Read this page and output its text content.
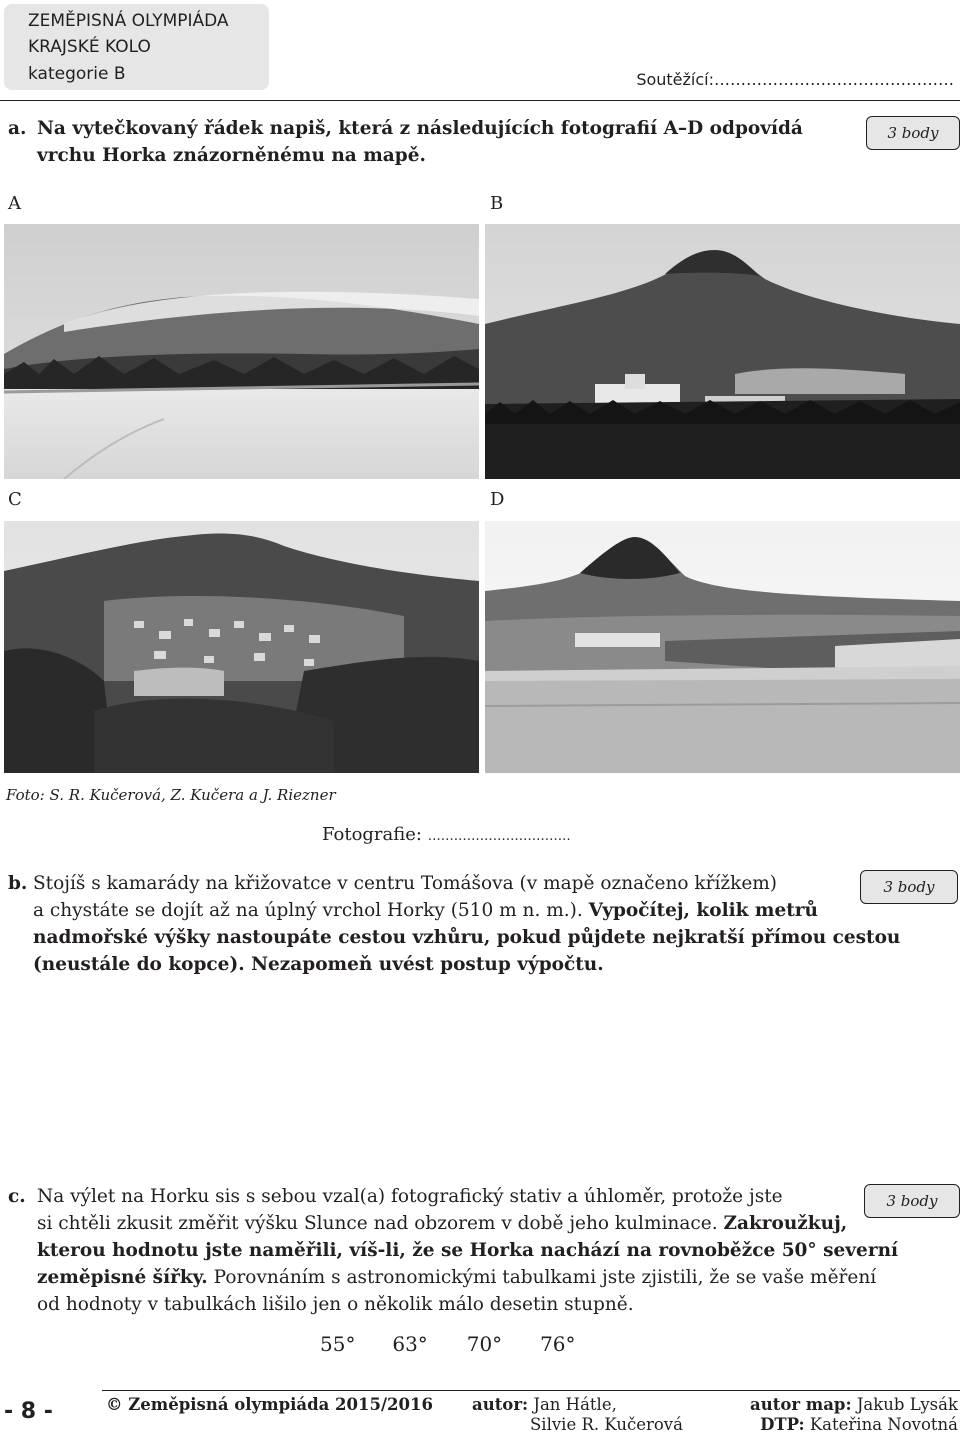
ZEMĚPISNÁ OLYMPIÁDA
KRAJSKÉ KOLO
kategorie B	Soutěžící:………………………………………
a. Na vytečkovaný řádek napiš, která z následujících fotografií A–D odpovídá
vrchu Horka znázorněnému na mapě.
3 body
A	B
C	D
Foto: S. R. Kučerová, Z. Kučera a J. Riezner
Fotografie: ……………………………
b. Stojíš s kamarády na křižovatce v centru Tomášova (v mapě označeno křížkem)
a chystáte se dojít až na úplný vrchol Horky (510 m n. m.). Vypočítej, kolik metrů
nadmořské výšky nastoupáte cestou vzhůru, pokud půjdete nejkratší přímou cestou
(neustále do kopce). Nezapomeň uvést postup výpočtu.
3 body
c. Na výlet na Horku sis s sebou vzal(a) fotografický stativ a úhloměr, protože jste
si chtěli zkusit změřit výšku Slunce nad obzorem v době jeho kulminace. Zakroužkuj,
kterou hodnotu jste naměřili, víš-li, že se Horka nachází na rovnoběžce 50° severní
zeměpisné šířky. Porovnáním s astronomickými tabulkami jste zjistili, že se vaše měření
od hodnoty v tabulkách lišilo jen o několik málo desetin stupně.
3 body
55° 63° 70° 76°
- 8 -	© Zeměpisná olympiáda 2015/2016 autor: Jan Hátle,
Silvie R. Kučerová
autor map: Jakub Lysák
DTP: Kateřina Novotná
